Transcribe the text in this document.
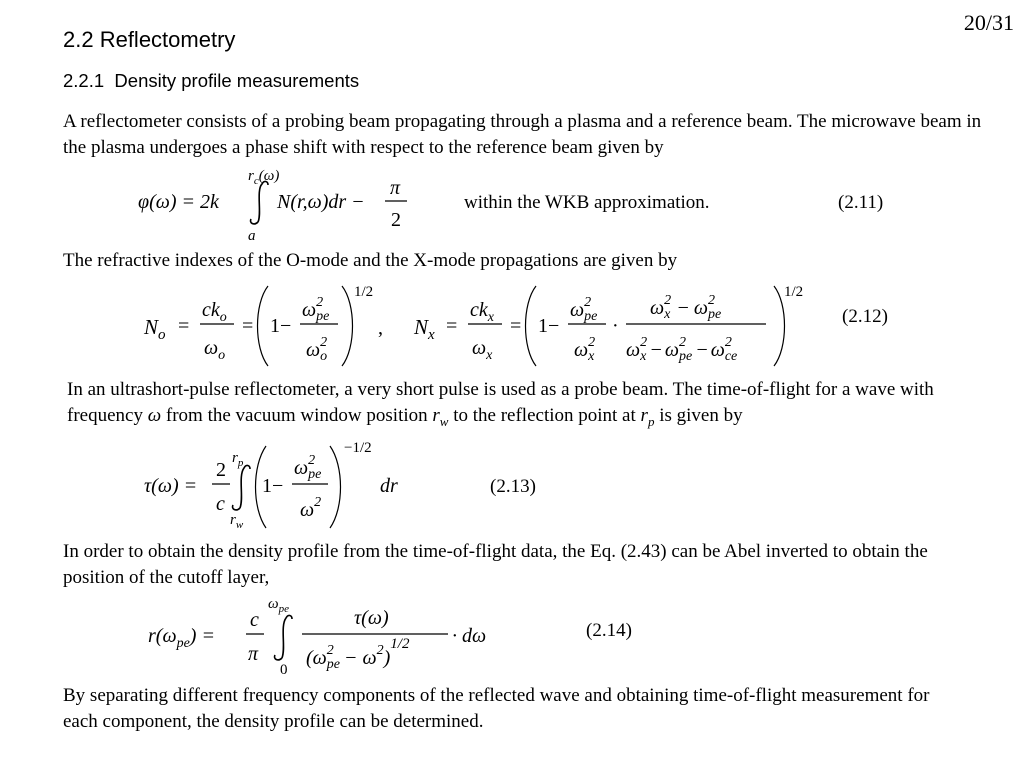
20/31
2.2 Reflectometry
2.2.1  Density profile measurements
A reflectometer consists of a probing beam propagating through a plasma and a reference beam. The microwave beam in the plasma undergoes a phase shift with respect to the reference beam given by
φ(ω) = 2k
$r_c(\omega)$
a
N(r,ω)dr −
π
2
within the WKB approximation.	(2.11)
The refractive indexes of the O-mode and the X-mode propagations are given by
$N_o$ =
$ck_o$
$\omega_o$
= 1−
$\omega^2$ pe
$\omega^2$ o
1/2
, $N_x$ =
$ck_x$
$\omega_x$
= 1−
$\omega^2$ pe
$\omega^2$ x
·
$\omega^2$ $x - \omega^2$ pe
$\omega^2$ $x - \omega^2$ pe − $\omega^2$ ce
1/2
(2.12)
In an ultrashort-pulse reflectometer, a very short pulse is used as a probe beam. The time-of-flight for a wave with frequency ω from the vacuum window position $r_w$ to the reflection point at $r_p$ is given by
τ(ω) =
2
c
$r_p$
$r_w$
1−
$\omega^2$ pe
$\omega^2$
−1/2
dr	(2.13)
In order to obtain the density profile from the time-of-flight data, the Eq. (2.43) can be Abel inverted to obtain the position of the cutoff layer,
$r(\omega_{pe})$ =
c
π
$\omega_{pe}$
0
τ(ω)
($\omega^2$ pe − $\omega^2)^{1/2} \cdot d\omega$	(2.14)
By separating different frequency components of the reflected wave and obtaining time-of-flight measurement for each component, the density profile can be determined.
